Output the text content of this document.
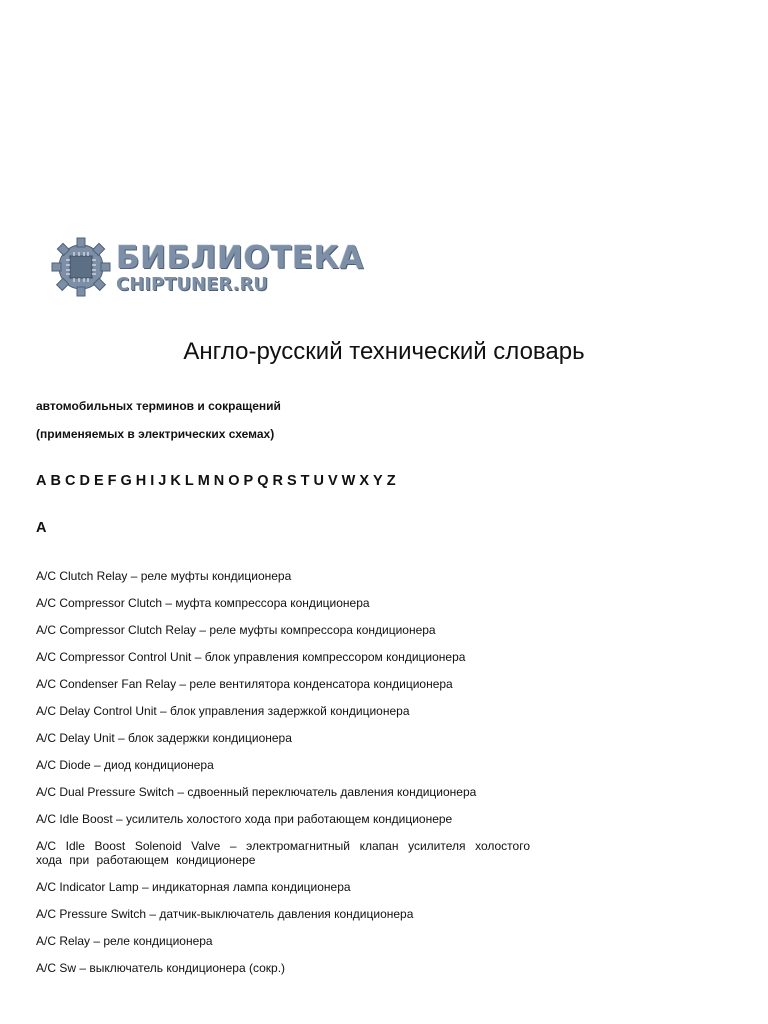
БИБЛИОТЕКА
CHIPTUNER.RU
Англо-русский технический словарь
автомобильных терминов и сокращений
(применяемых в электрических схемах)
A B C D E F G H I J K L M N O P Q R S T U V W X Y Z
A
A/C Clutch Relay – реле муфты кондиционера
A/C Compressor Clutch – муфта компрессора кондиционера
A/C Compressor Clutch Relay – реле муфты компрессора кондиционера
A/C Compressor Control Unit – блок управления компрессором кондиционера
A/C Condenser Fan Relay – реле вентилятора конденсатора кондиционера
A/C Delay Control Unit – блок управления задержкой кондиционера
A/C Delay Unit – блок задержки кондиционера
A/C Diode – диод кондиционера
A/C Dual Pressure Switch – сдвоенный переключатель давления кондиционера
A/C Idle Boost – усилитель холостого хода при работающем кондиционере
A/C Idle Boost Solenoid Valve – электромагнитный клапан усилителя холостого хода при работающем кондиционере
A/C Indicator Lamp – индикаторная лампа кондиционера
A/C Pressure Switch – датчик-выключатель давления кондиционера
A/C Relay – реле кондиционера
A/C Sw – выключатель кондиционера (сокр.)
